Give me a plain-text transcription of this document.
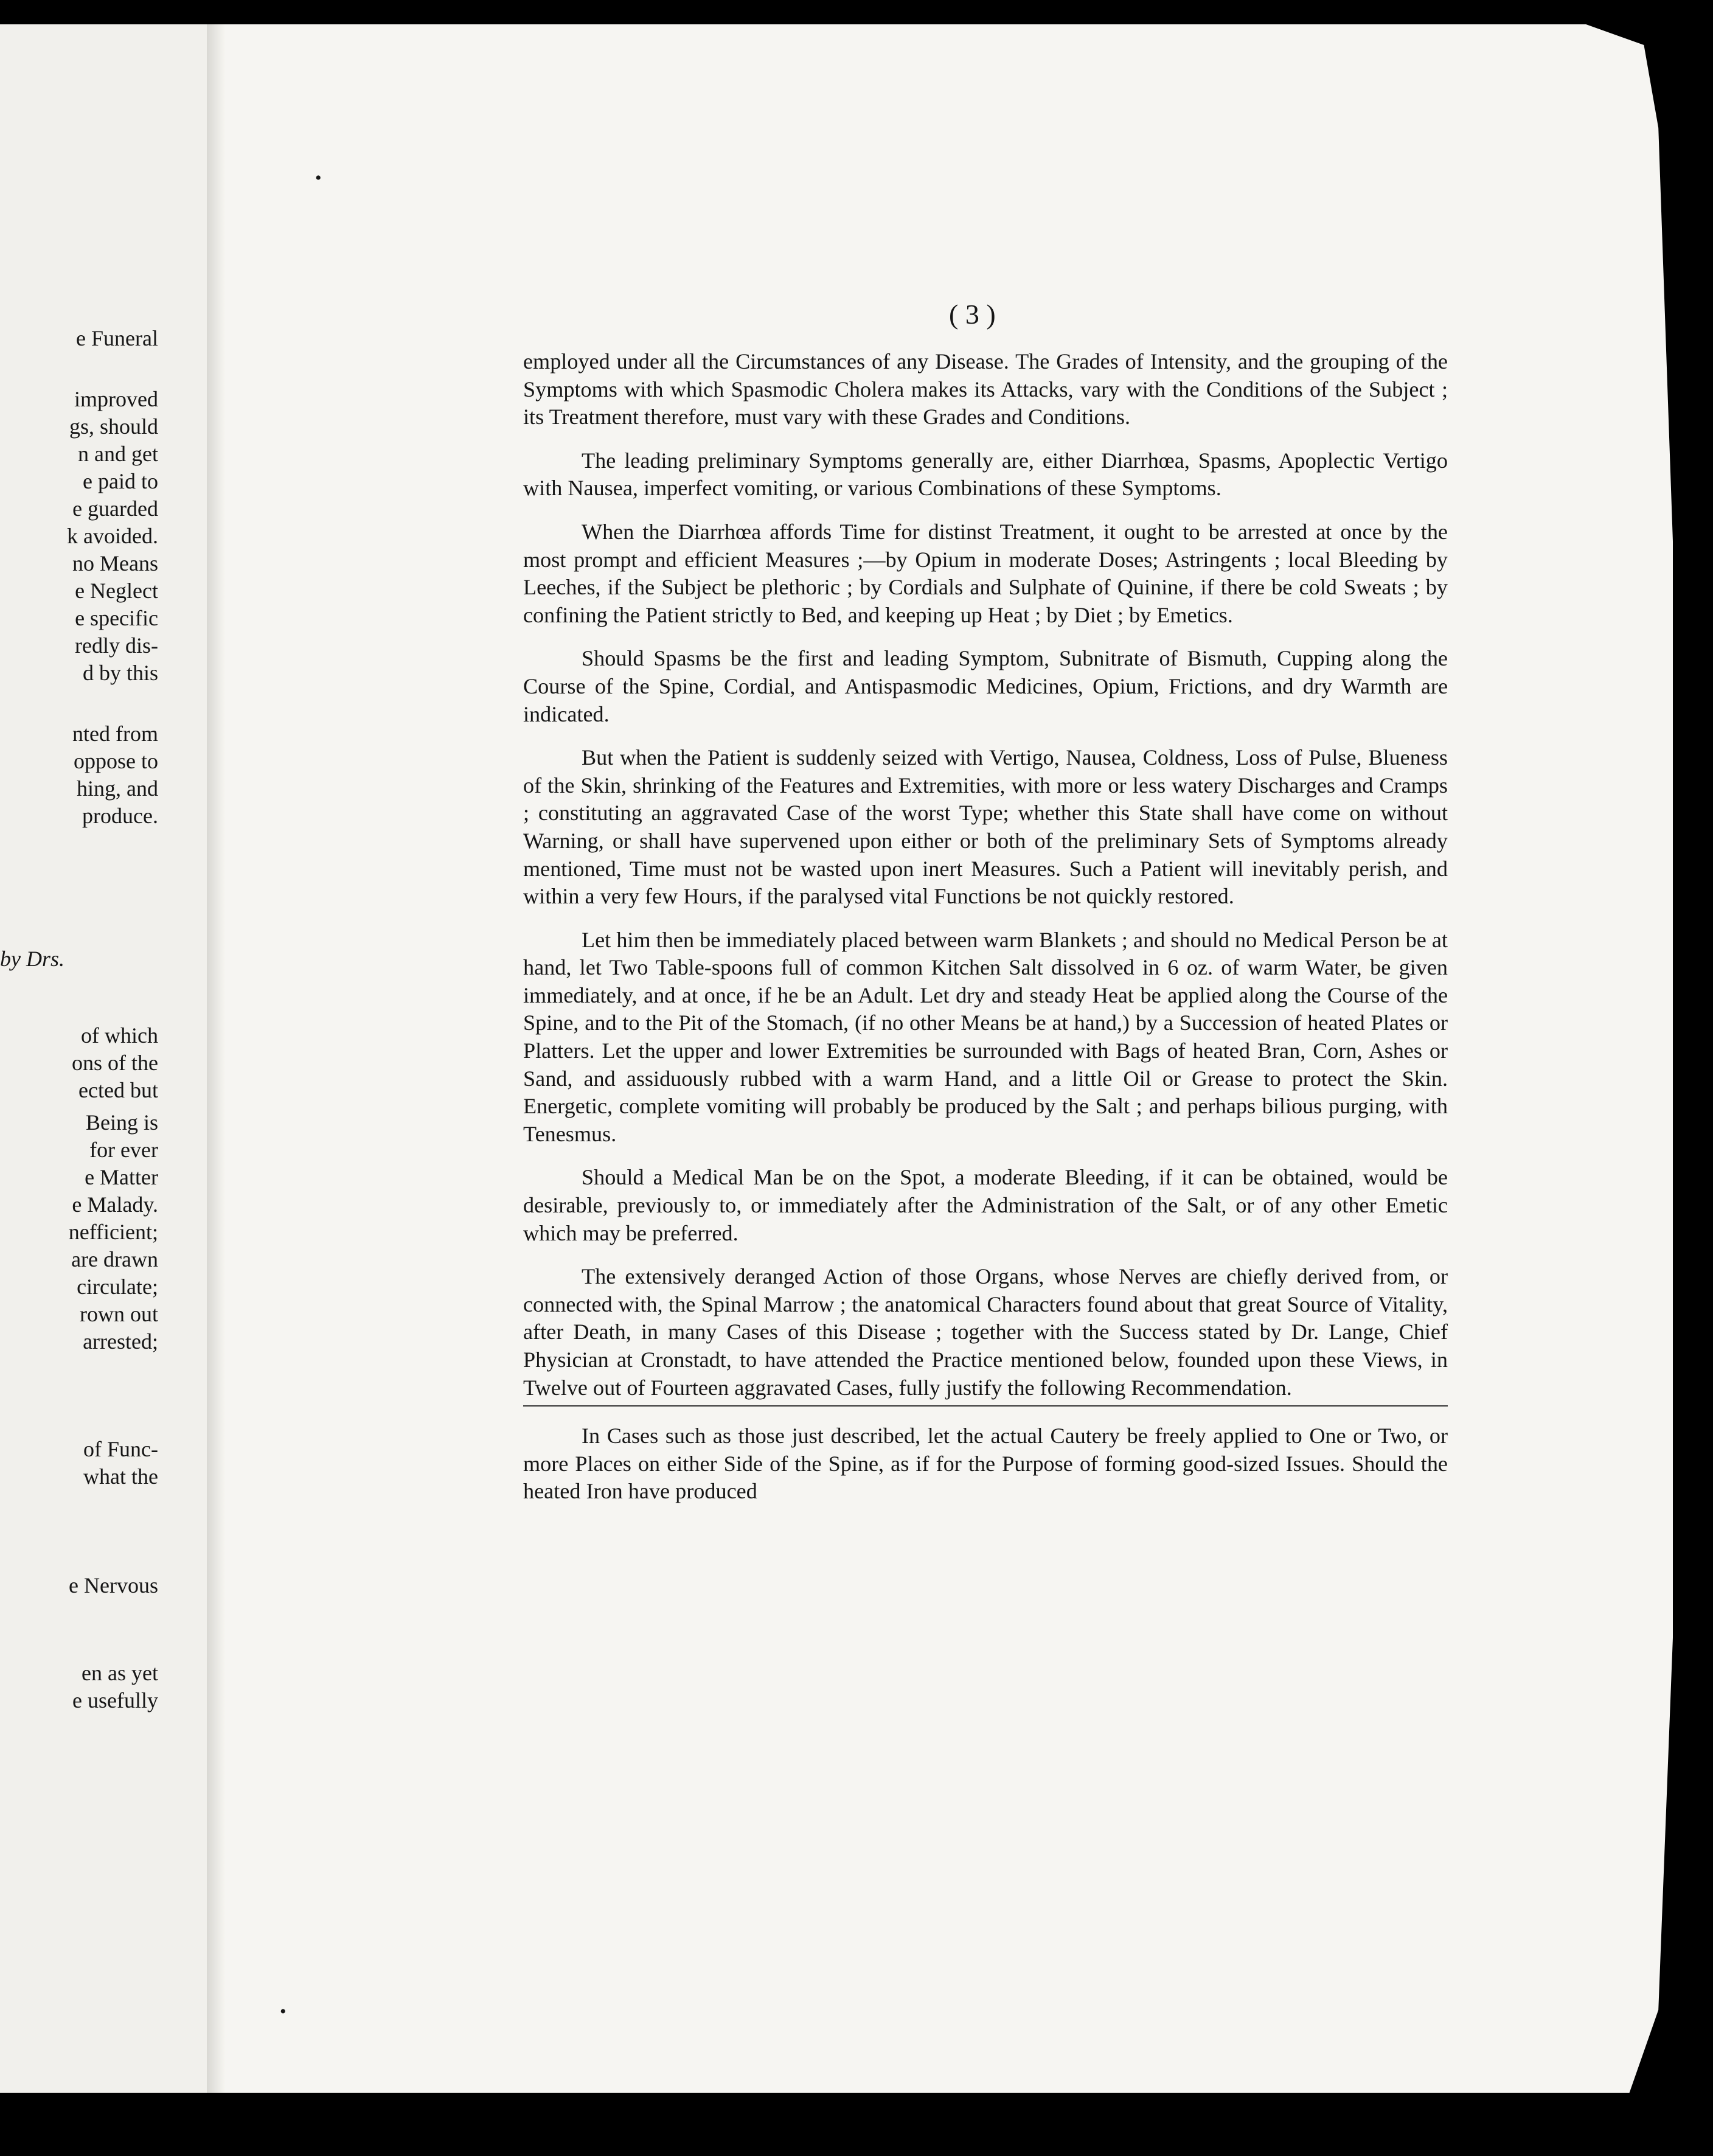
e Funeral
improved
gs, should
n and get
e paid to
e guarded
k avoided.
no Means
e Neglect
e specific
redly dis-
d by this
nted from
oppose to
hing, and
produce.
by Drs.
of which
ons of the
ected but
Being is
for ever
e Matter
e Malady.
nefficient;
are drawn
circulate;
rown out
arrested;
of Func-
what the
e Nervous
en as yet
e usefully
•
•
( 3 )

employed under all the Circumstances of any Disease. The Grades of Intensity, and the grouping of the Symptoms with which Spasmodic Cholera makes its Attacks, vary with the Conditions of the Subject ; its Treatment therefore, must vary with these Grades and Conditions.

The leading preliminary Symptoms generally are, either Diarrhœa, Spasms, Apoplectic Vertigo with Nausea, imperfect vomiting, or various Combinations of these Symptoms.

When the Diarrhœa affords Time for distinst Treatment, it ought to be arrested at once by the most prompt and efficient Measures ;—by Opium in moderate Doses; Astringents ; local Bleeding by Leeches, if the Subject be plethoric ; by Cordials and Sulphate of Quinine, if there be cold Sweats ; by confining the Patient strictly to Bed, and keeping up Heat ; by Diet ; by Emetics.

Should Spasms be the first and leading Symptom, Subnitrate of Bismuth, Cupping along the Course of the Spine, Cordial, and Antispasmodic Medicines, Opium, Frictions, and dry Warmth are indicated.

But when the Patient is suddenly seized with Vertigo, Nausea, Coldness, Loss of Pulse, Blueness of the Skin, shrinking of the Features and Extremities, with more or less watery Discharges and Cramps ; constituting an aggravated Case of the worst Type; whether this State shall have come on without Warning, or shall have supervened upon either or both of the preliminary Sets of Symptoms already mentioned, Time must not be wasted upon inert Measures. Such a Patient will inevitably perish, and within a very few Hours, if the paralysed vital Functions be not quickly restored.

Let him then be immediately placed between warm Blankets ; and should no Medical Person be at hand, let Two Table-spoons full of common Kitchen Salt dissolved in 6 oz. of warm Water, be given immediately, and at once, if he be an Adult. Let dry and steady Heat be applied along the Course of the Spine, and to the Pit of the Stomach, (if no other Means be at hand,) by a Succession of heated Plates or Platters. Let the upper and lower Extremities be surrounded with Bags of heated Bran, Corn, Ashes or Sand, and assiduously rubbed with a warm Hand, and a little Oil or Grease to protect the Skin. Energetic, complete vomiting will probably be produced by the Salt ; and perhaps bilious purging, with Tenesmus.

Should a Medical Man be on the Spot, a moderate Bleeding, if it can be obtained, would be desirable, previously to, or immediately after the Administration of the Salt, or of any other Emetic which may be preferred.

The extensively deranged Action of those Organs, whose Nerves are chiefly derived from, or connected with, the Spinal Marrow ; the anatomical Characters found about that great Source of Vitality, after Death, in many Cases of this Disease ; together with the Success stated by Dr. Lange, Chief Physician at Cronstadt, to have attended the Practice mentioned below, founded upon these Views, in Twelve out of Fourteen aggravated Cases, fully justify the following Recommendation.

In Cases such as those just described, let the actual Cautery be freely applied to One or Two, or more Places on either Side of the Spine, as if for the Purpose of forming good-sized Issues. Should the heated Iron have produced
